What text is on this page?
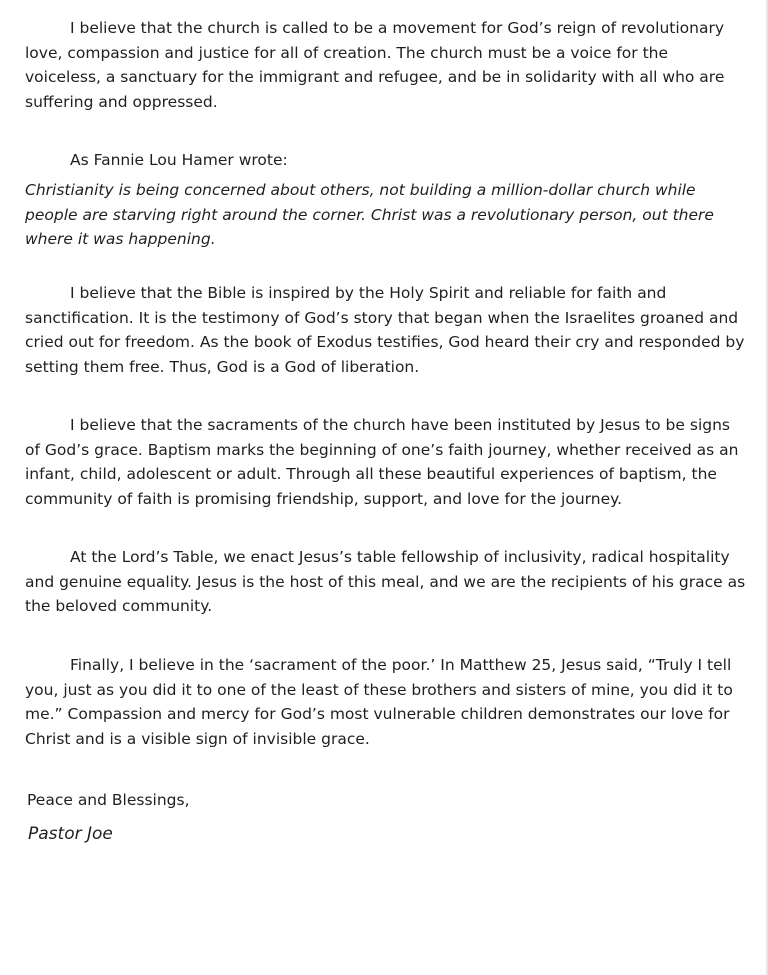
I believe that the church is called to be a movement for God’s reign of revolutionary love, compassion and justice for all of creation. The church must be a voice for the voiceless, a sanctuary for the immigrant and refugee, and be in solidarity with all who are suffering and oppressed.

As Fannie Lou Hamer wrote:

Christianity is being concerned about others, not building a million-dollar church while people are starving right around the corner. Christ was a revolutionary person, out there where it was happening.

I believe that the Bible is inspired by the Holy Spirit and reliable for faith and sanctification. It is the testimony of God’s story that began when the Israelites groaned and cried out for freedom. As the book of Exodus testifies, God heard their cry and responded by setting them free. Thus, God is a God of liberation.

I believe that the sacraments of the church have been instituted by Jesus to be signs of God’s grace. Baptism marks the beginning of one’s faith journey, whether received as an infant, child, adolescent or adult. Through all these beautiful experiences of baptism, the community of faith is promising friendship, support, and love for the journey.

At the Lord’s Table, we enact Jesus’s table fellowship of inclusivity, radical hospitality and genuine equality. Jesus is the host of this meal, and we are the recipients of his grace as the beloved community.

Finally, I believe in the ‘sacrament of the poor.’ In Matthew 25, Jesus said, “Truly I tell you, just as you did it to one of the least of these brothers and sisters of mine, you did it to me.” Compassion and mercy for God’s most vulnerable children demonstrates our love for Christ and is a visible sign of invisible grace.

Peace and Blessings,
Pastor Joe
